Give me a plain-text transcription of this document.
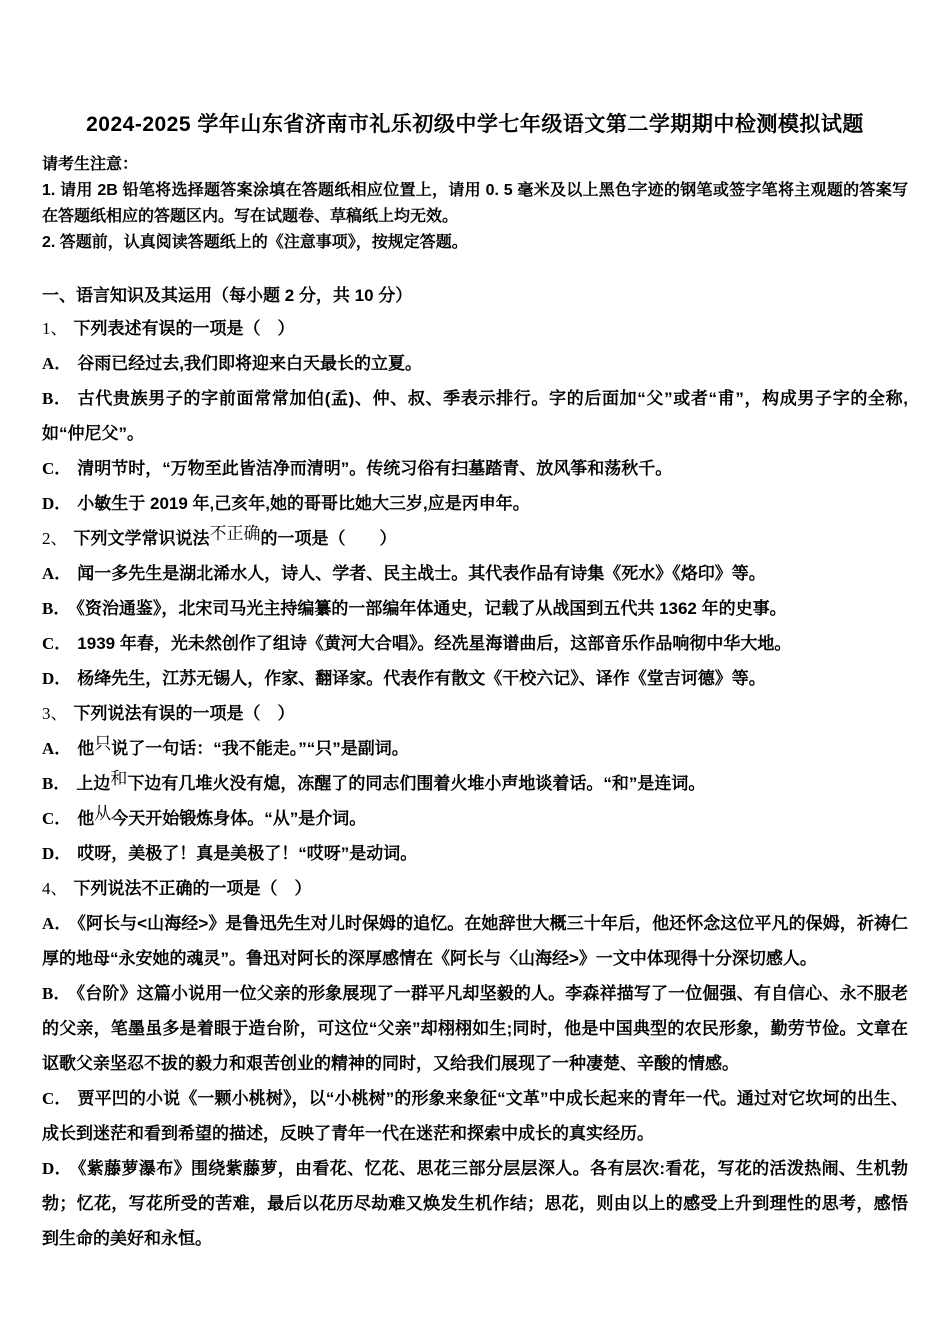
2024-2025 学年山东省济南市礼乐初级中学七年级语文第二学期期中检测模拟试题

请考生注意：

1. 请用 2B 铅笔将选择题答案涂填在答题纸相应位置上，请用 0. 5 毫米及以上黑色字迹的钢笔或签字笔将主观题的答案写在答题纸相应的答题区内。写在试题卷、草稿纸上均无效。

2. 答题前，认真阅读答题纸上的《注意事项》，按规定答题。

一、语言知识及其运用（每小题 2 分，共 10 分）

1、 下列表述有误的一项是（　）

A． 谷雨已经过去,我们即将迎来白天最长的立夏。

B． 古代贵族男子的字前面常常加伯(孟)、仲、叔、季表示排行。字的后面加“父”或者“甫”，构成男子字的全称,如“仲尼父”。

C． 清明节时，“万物至此皆洁净而清明”。传统习俗有扫墓踏青、放风筝和荡秋千。

D． 小敏生于 2019 年,己亥年,她的哥哥比她大三岁,应是丙申年。

2、 下列文学常识说法不正确的一项是（　　）

A． 闻一多先生是湖北浠水人，诗人、学者、民主战士。其代表作品有诗集《死水》《烙印》等。

B． 《资治通鉴》，北宋司马光主持编纂的一部编年体通史，记载了从战国到五代共 1362 年的史事。

C． 1939 年春，光未然创作了组诗《黄河大合唱》。经冼星海谱曲后，这部音乐作品响彻中华大地。

D． 杨绛先生，江苏无锡人，作家、翻译家。代表作有散文《干校六记》、译作《堂吉诃德》等。

3、 下列说法有误的一项是（　）

A． 他只说了一句话：“我不能走。”“只”是副词。

B． 上边和下边有几堆火没有熄，冻醒了的同志们围着火堆小声地谈着话。“和”是连词。

C． 他从今天开始锻炼身体。“从”是介词。

D． 哎呀，美极了！真是美极了！“哎呀”是动词。

4、 下列说法不正确的一项是（　）

A． 《阿长与<山海经>》是鲁迅先生对儿时保姆的追忆。在她辞世大概三十年后，他还怀念这位平凡的保姆，祈祷仁厚的地母“永安她的魂灵”。鲁迅对阿长的深厚感情在《阿长与〈山海经>》一文中体现得十分深切感人。

B． 《台阶》这篇小说用一位父亲的形象展现了一群平凡却坚毅的人。李森祥描写了一位倔强、有自信心、永不服老的父亲，笔墨虽多是着眼于造台阶，可这位“父亲”却栩栩如生;同时，他是中国典型的农民形象，勤劳节俭。文章在讴歌父亲坚忍不拔的毅力和艰苦创业的精神的同时，又给我们展现了一种凄楚、辛酸的情感。

C． 贾平凹的小说《一颗小桃树》，以“小桃树”的形象来象征“文革”中成长起来的青年一代。通过对它坎坷的出生、成长到迷茫和看到希望的描述，反映了青年一代在迷茫和探索中成长的真实经历。

D． 《紫藤萝瀑布》围绕紫藤萝，由看花、忆花、思花三部分层层深人。各有层次:看花，写花的活泼热闹、生机勃勃；忆花，写花所受的苦难，最后以花历尽劫难又焕发生机作结；思花，则由以上的感受上升到理性的思考，感悟到生命的美好和永恒。
